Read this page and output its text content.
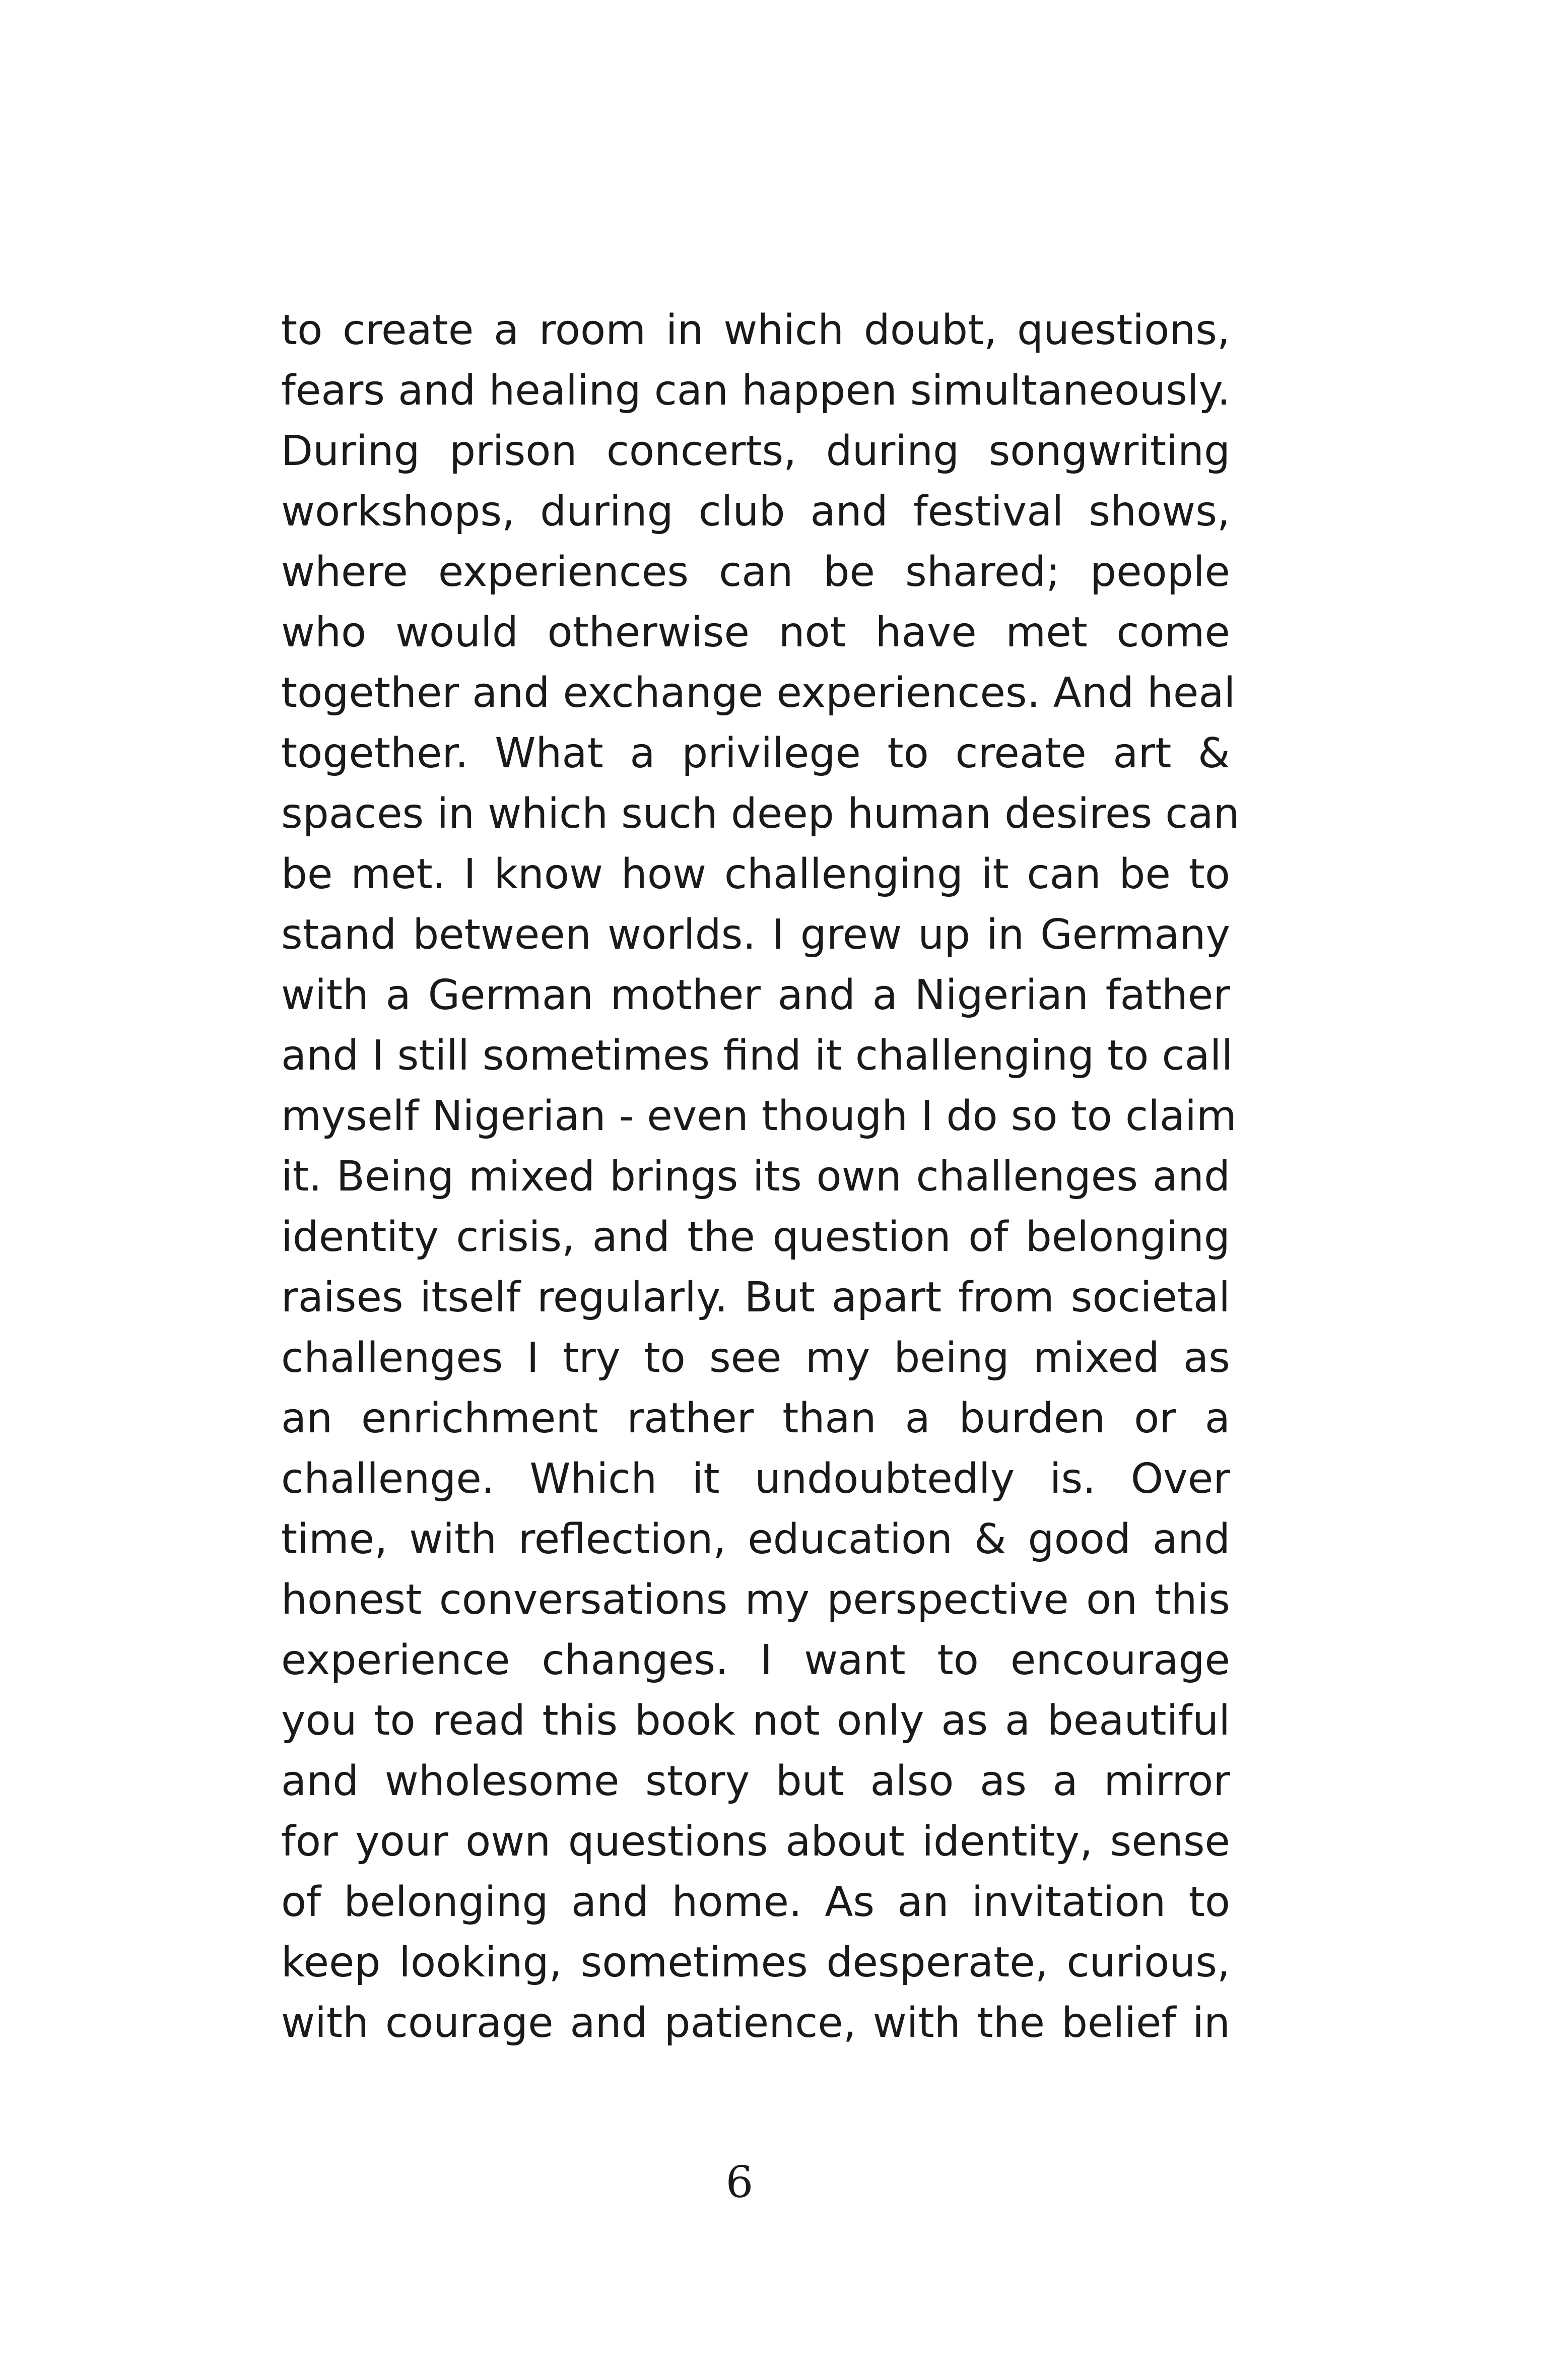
to create a room in which doubt, questions,
fears and healing can happen simultaneously.
During prison concerts, during songwriting
workshops, during club and festival shows,
where experiences can be shared; people
who would otherwise not have met come
together and exchange experiences. And heal
together. What a privilege to create art &
spaces in which such deep human desires can
be met. I know how challenging it can be to
stand between worlds. I grew up in Germany
with a German mother and a Nigerian father
and I still sometimes find it challenging to call
myself Nigerian - even though I do so to claim
it. Being mixed brings its own challenges and
identity crisis, and the question of belonging
raises itself regularly. But apart from societal
challenges I try to see my being mixed as
an enrichment rather than a burden or a
challenge. Which it undoubtedly is. Over
time, with reflection, education & good and
honest conversations my perspective on this
experience changes. I want to encourage
you to read this book not only as a beautiful
and wholesome story but also as a mirror
for your own questions about identity, sense
of belonging and home. As an invitation to
keep looking, sometimes desperate, curious,
with courage and patience, with the belief in
6
